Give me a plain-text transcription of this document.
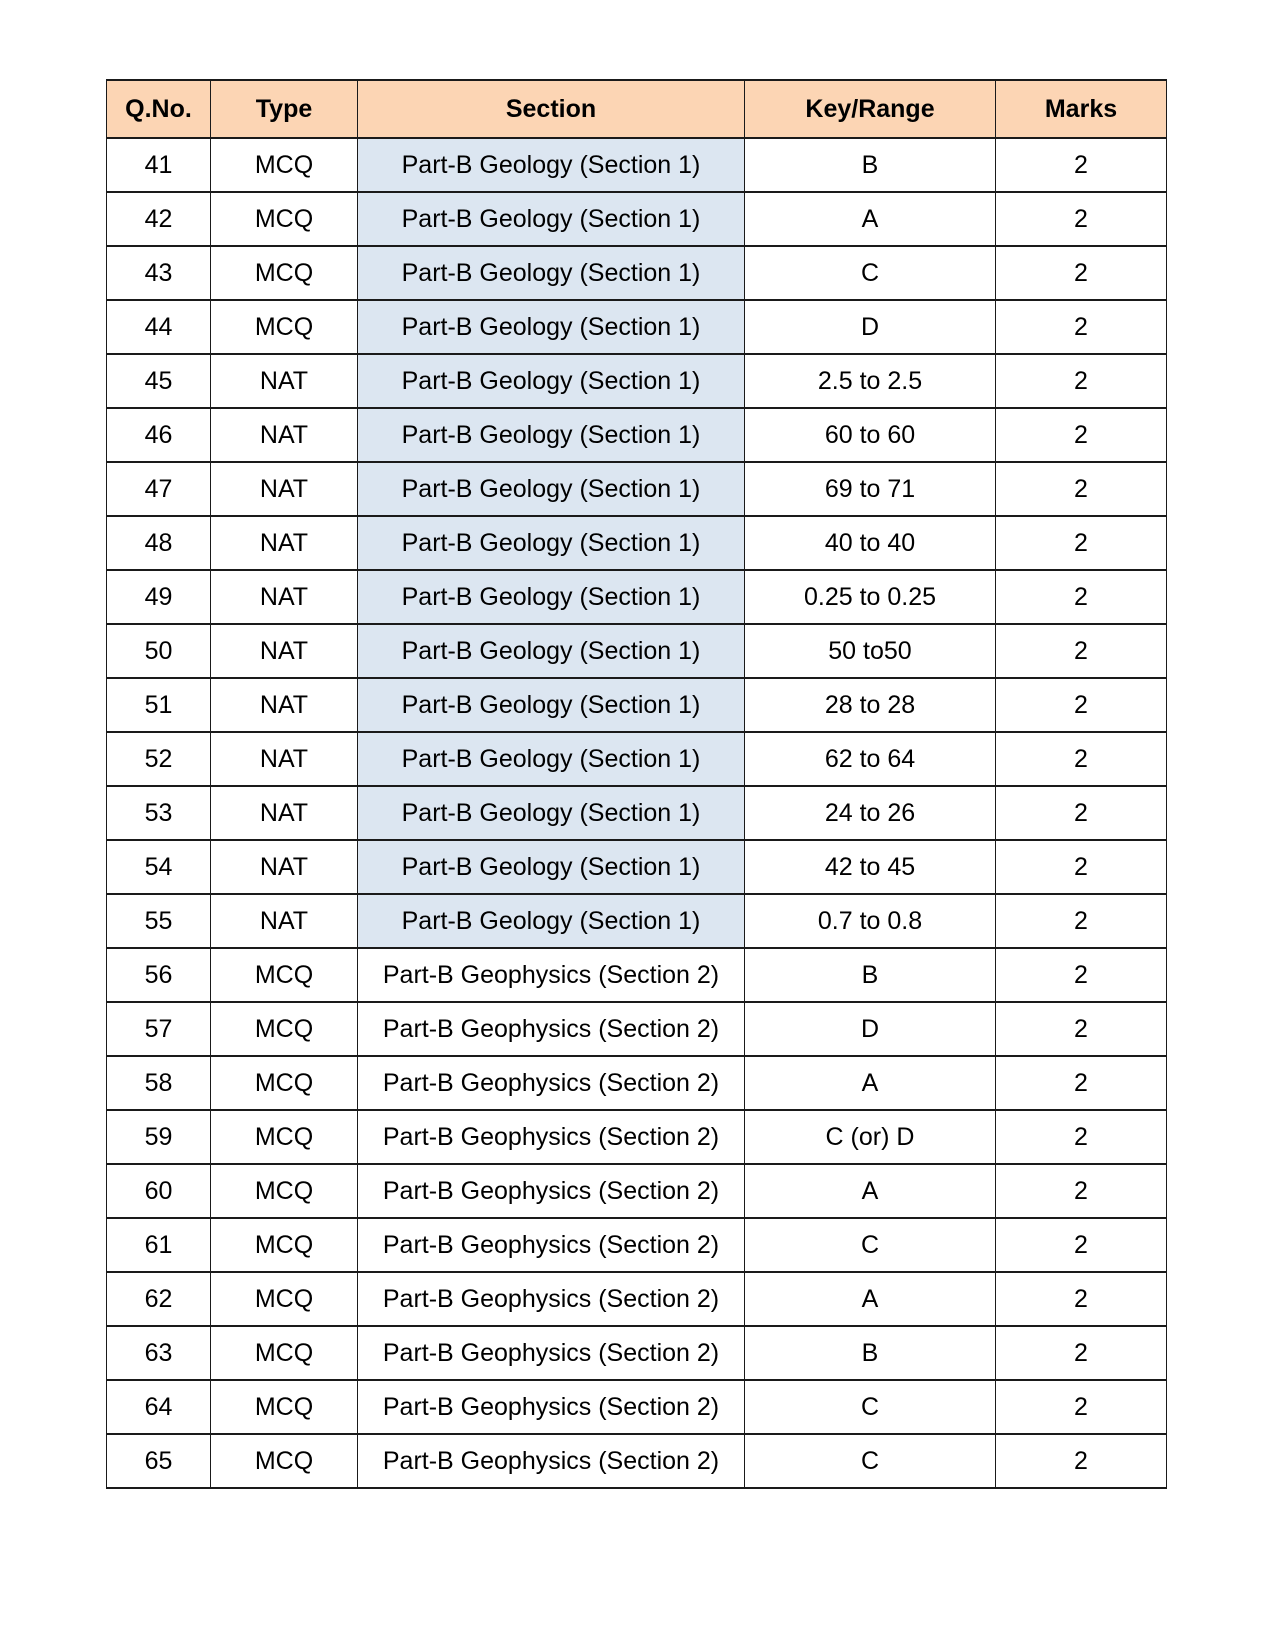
Q.No.	Type	Section	Key/Range	Marks
41	MCQ	Part-B Geology (Section 1)	B	2
42	MCQ	Part-B Geology (Section 1)	A	2
43	MCQ	Part-B Geology (Section 1)	C	2
44	MCQ	Part-B Geology (Section 1)	D	2
45	NAT	Part-B Geology (Section 1)	2.5 to 2.5	2
46	NAT	Part-B Geology (Section 1)	60 to 60	2
47	NAT	Part-B Geology (Section 1)	69 to 71	2
48	NAT	Part-B Geology (Section 1)	40 to 40	2
49	NAT	Part-B Geology (Section 1)	0.25 to 0.25	2
50	NAT	Part-B Geology (Section 1)	50 to50	2
51	NAT	Part-B Geology (Section 1)	28 to 28	2
52	NAT	Part-B Geology (Section 1)	62 to 64	2
53	NAT	Part-B Geology (Section 1)	24 to 26	2
54	NAT	Part-B Geology (Section 1)	42 to 45	2
55	NAT	Part-B Geology (Section 1)	0.7 to 0.8	2
56	MCQ	Part-B Geophysics (Section 2)	B	2
57	MCQ	Part-B Geophysics (Section 2)	D	2
58	MCQ	Part-B Geophysics (Section 2)	A	2
59	MCQ	Part-B Geophysics (Section 2)	C (or) D	2
60	MCQ	Part-B Geophysics (Section 2)	A	2
61	MCQ	Part-B Geophysics (Section 2)	C	2
62	MCQ	Part-B Geophysics (Section 2)	A	2
63	MCQ	Part-B Geophysics (Section 2)	B	2
64	MCQ	Part-B Geophysics (Section 2)	C	2
65	MCQ	Part-B Geophysics (Section 2)	C	2
